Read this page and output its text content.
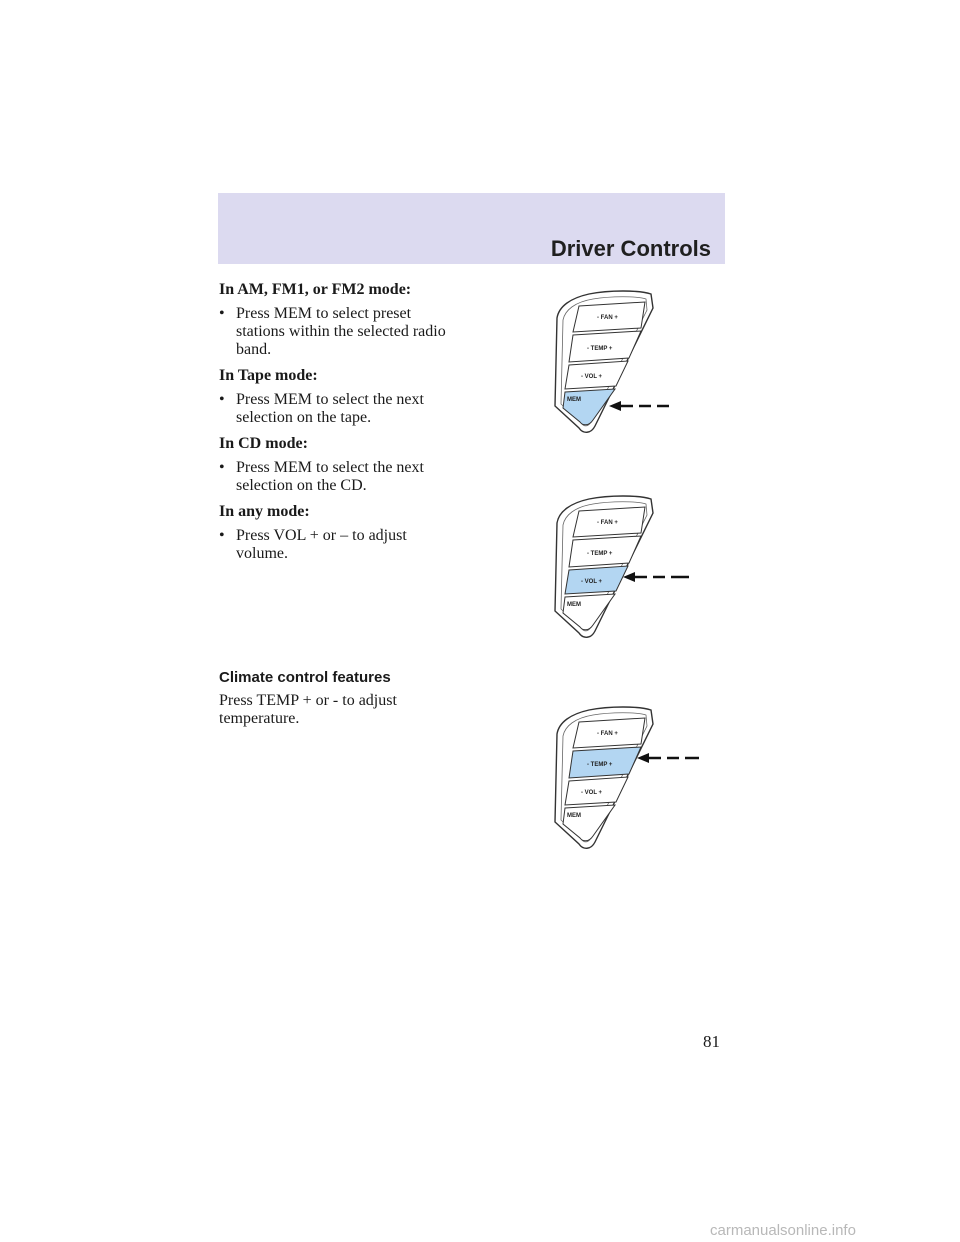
Driver Controls
In AM, FM1, or FM2 mode:
• Press MEM to select preset
stations within the selected radio
band.
In Tape mode:
• Press MEM to select the next
selection on the tape.
In CD mode:
• Press MEM to select the next
selection on the CD.
In any mode:
• Press VOL + or – to adjust
volume.
Climate control features
Press TEMP + or - to adjust
temperature.
- FAN +
- TEMP +
- VOL +
MEM
- FAN +
- TEMP +
- VOL +
MEM
- FAN +
- TEMP +
- VOL +
MEM
81
carmanualsonline.info
